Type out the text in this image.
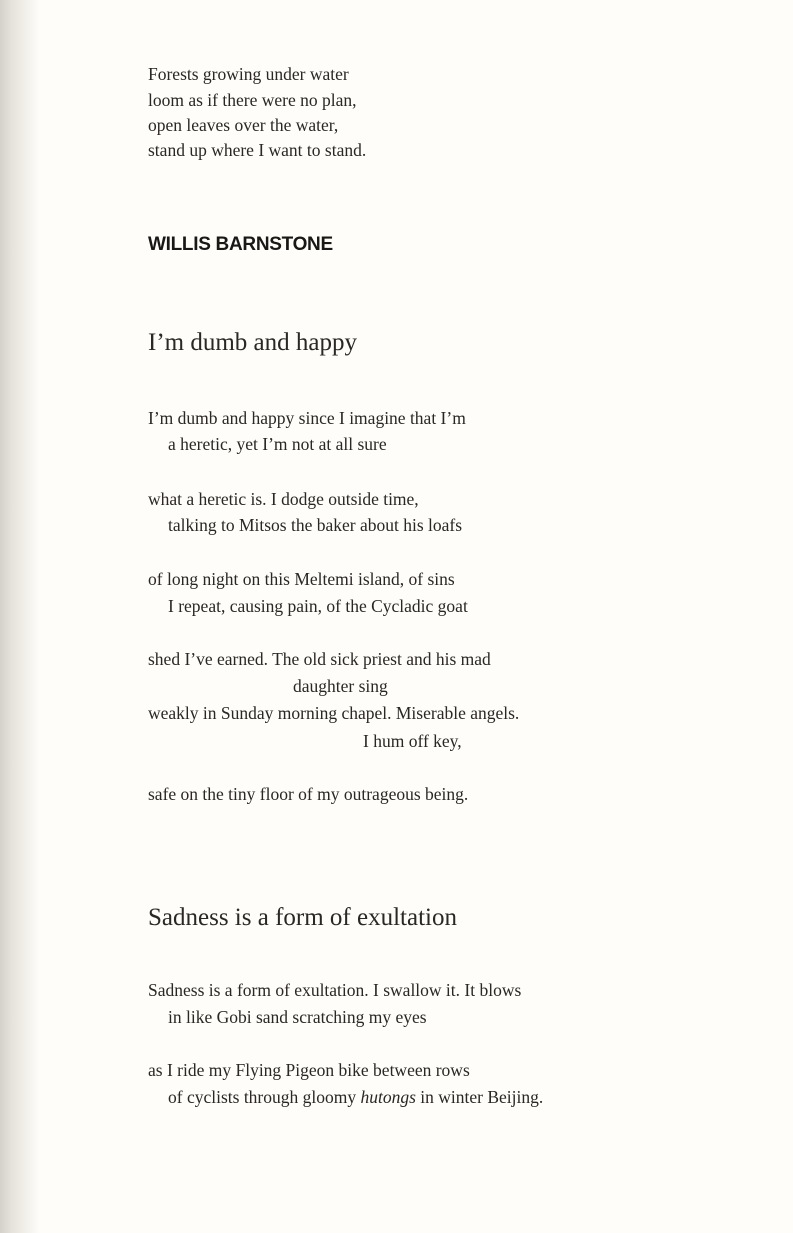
Forests growing under water
loom as if there were no plan,
open leaves over the water,
stand up where I want to stand.
WILLIS BARNSTONE
I’m dumb and happy
I’m dumb and happy since I imagine that I’m
a heretic, yet I’m not at all sure
what a heretic is. I dodge outside time,
talking to Mitsos the baker about his loafs
of long night on this Meltemi island, of sins
I repeat, causing pain, of the Cycladic goat
shed I’ve earned. The old sick priest and his mad
daughter sing
weakly in Sunday morning chapel. Miserable angels.
I hum off key,
safe on the tiny floor of my outrageous being.
Sadness is a form of exultation
Sadness is a form of exultation. I swallow it. It blows
in like Gobi sand scratching my eyes
as I ride my Flying Pigeon bike between rows
of cyclists through gloomy hutongs in winter Beijing.
